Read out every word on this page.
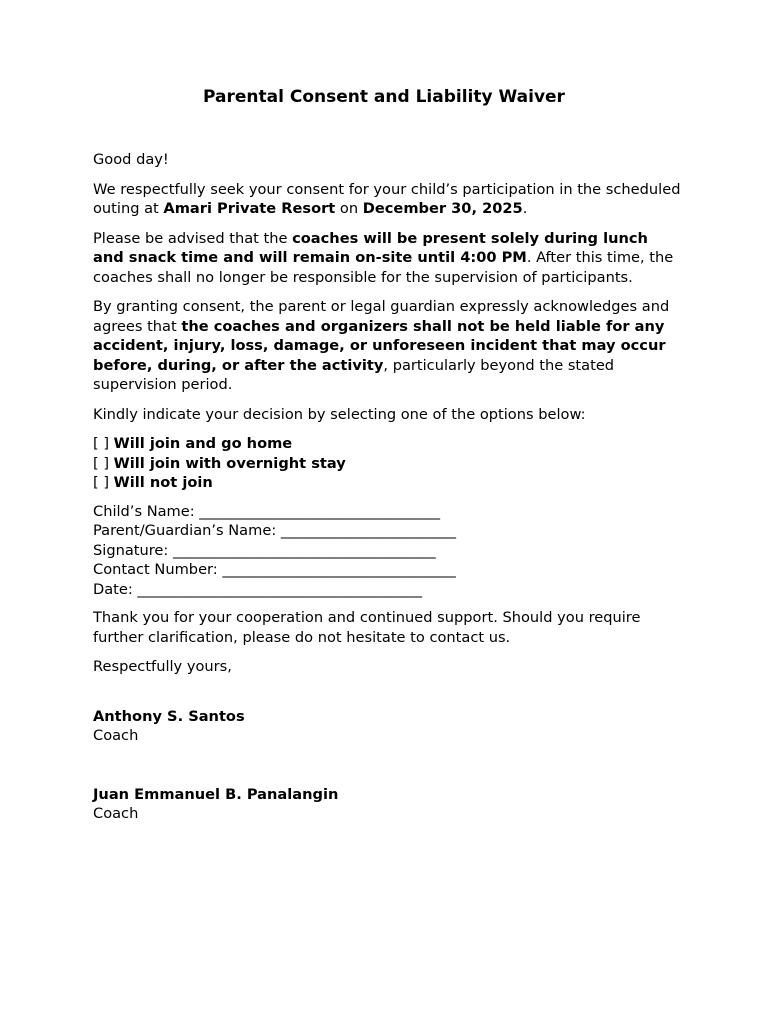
Parental Consent and Liability Waiver

Good day!

We respectfully seek your consent for your child’s participation in the scheduled outing at Amari Private Resort on December 30, 2025.

Please be advised that the coaches will be present solely during lunch and snack time and will remain on-site until 4:00 PM. After this time, the coaches shall no longer be responsible for the supervision of participants.

By granting consent, the parent or legal guardian expressly acknowledges and agrees that the coaches and organizers shall not be held liable for any accident, injury, loss, damage, or unforeseen incident that may occur before, during, or after the activity, particularly beyond the stated supervision period.

Kindly indicate your decision by selecting one of the options below:

[ ] Will join and go home

[ ] Will join with overnight stay

[ ] Will not join

Child’s Name: _________________________________

Parent/Guardian’s Name: ________________________

Signature: ____________________________________

Contact Number: ________________________________

Date: _______________________________________

Thank you for your cooperation and continued support. Should you require further clarification, please do not hesitate to contact us.

Respectfully yours,

Anthony S. Santos

Coach

Juan Emmanuel B. Panalangin

Coach
